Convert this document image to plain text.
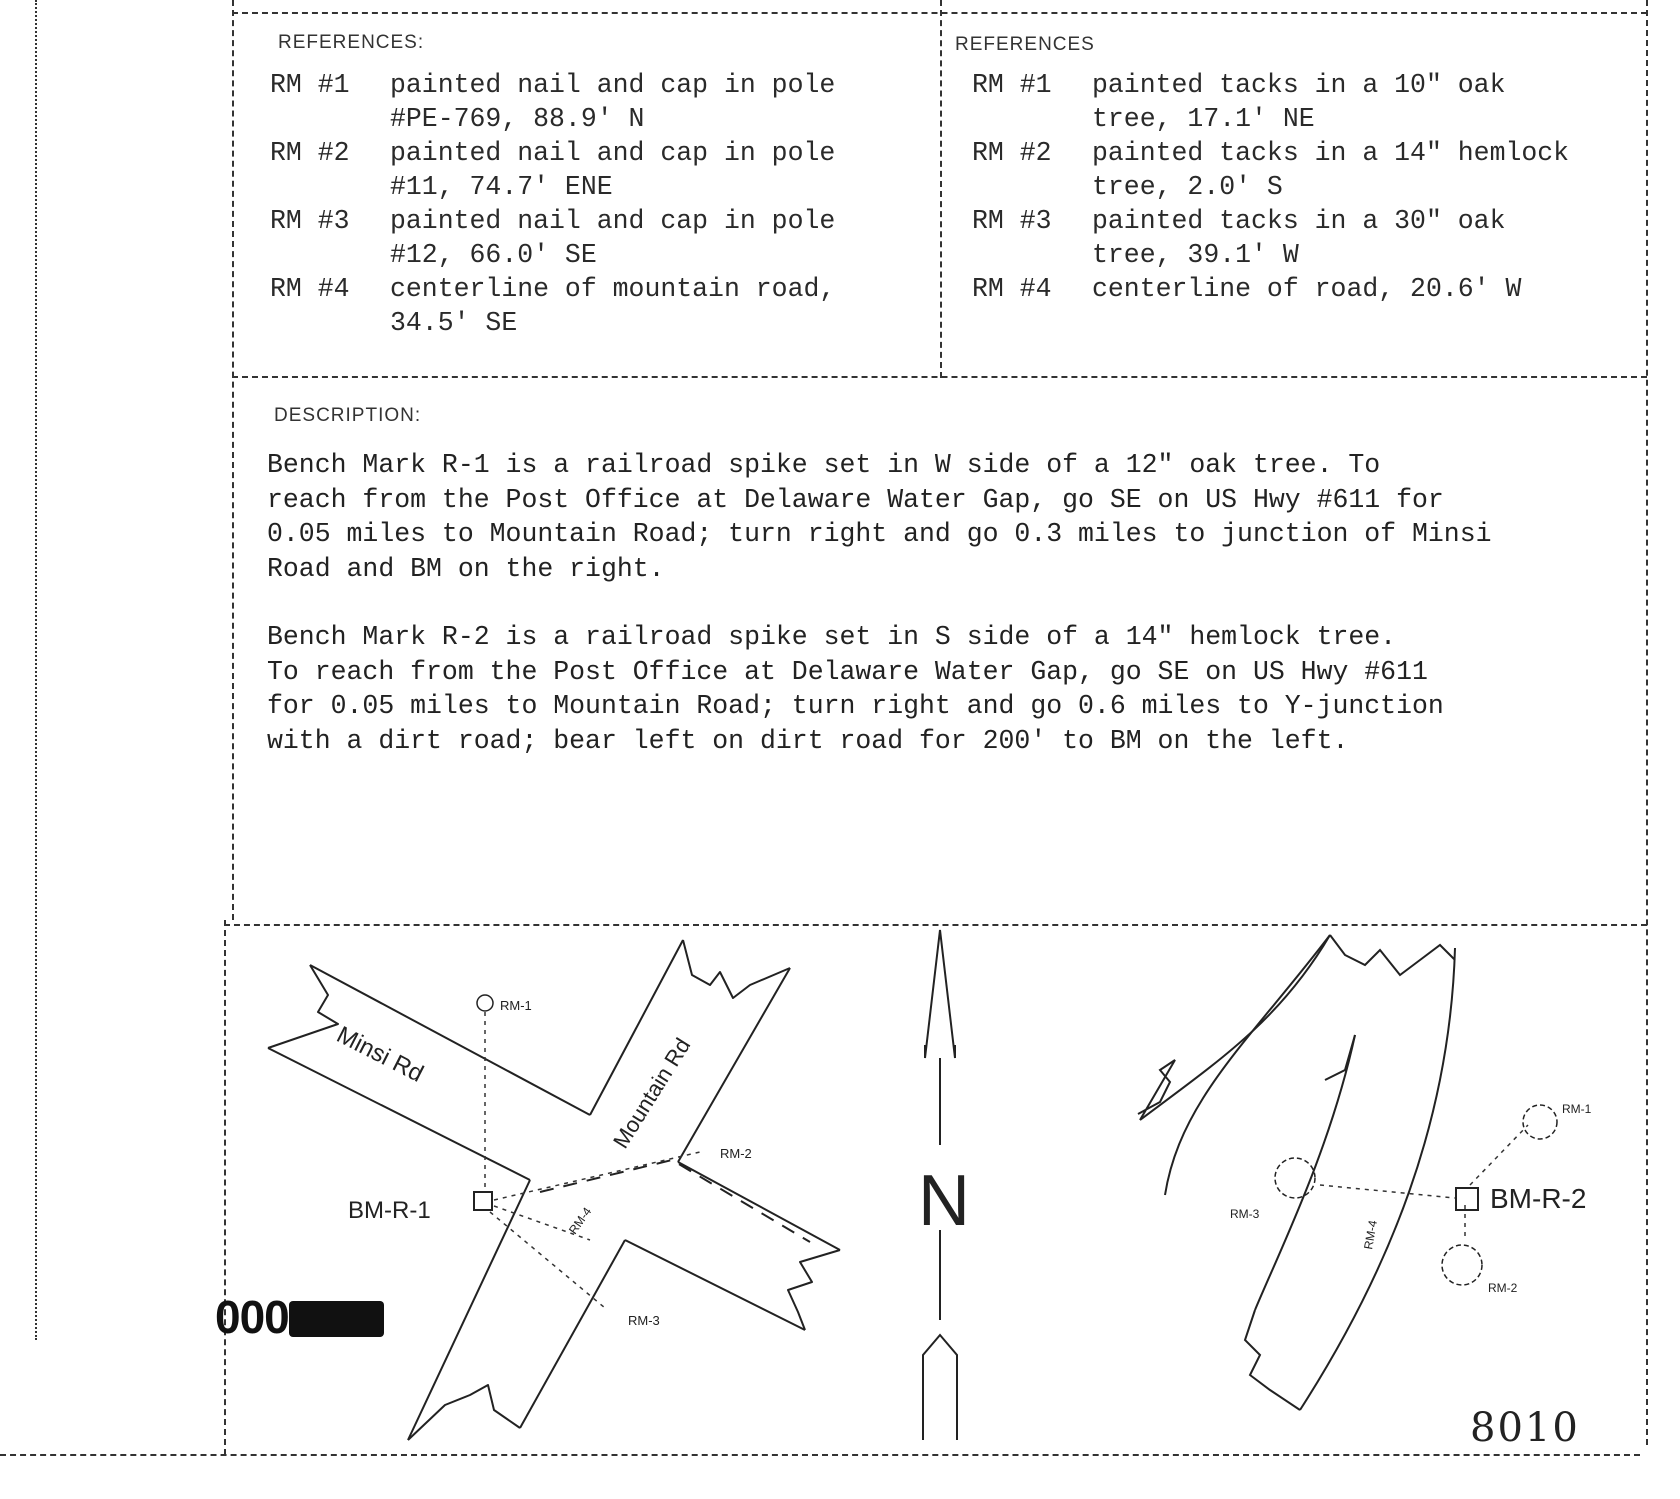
REFERENCES:
RM #1	painted nail and cap in pole
#PE-769, 88.9' N
RM #2	painted nail and cap in pole
#11, 74.7' ENE
RM #3	painted nail and cap in pole
#12, 66.0' SE
RM #4	centerline of mountain road,
34.5' SE
REFERENCES
RM #1	painted tacks in a 10" oak
tree, 17.1' NE
RM #2	painted tacks in a 14" hemlock
tree, 2.0' S
RM #3	painted tacks in a 30" oak
tree, 39.1' W
RM #4	centerline of road, 20.6' W
DESCRIPTION:
Bench Mark R-1 is a railroad spike set in W side of a 12" oak tree. To
reach from the Post Office at Delaware Water Gap, go SE on US Hwy #611 for
0.05 miles to Mountain Road; turn right and go 0.3 miles to junction of Minsi
Road and BM on the right.
Bench Mark R-2 is a railroad spike set in S side of a 14" hemlock tree.
To reach from the Post Office at Delaware Water Gap, go SE on US Hwy #611
for 0.05 miles to Mountain Road; turn right and go 0.6 miles to Y-junction
with a dirt road; bear left on dirt road for 200' to BM on the left.
Minsi Rd	Mountain Rd
BM-R-1
RM-1
RM-2
RM-3
RM-4	N	BM-R-2
RM-1
RM-2
RM-3
RM-4
000
8010
